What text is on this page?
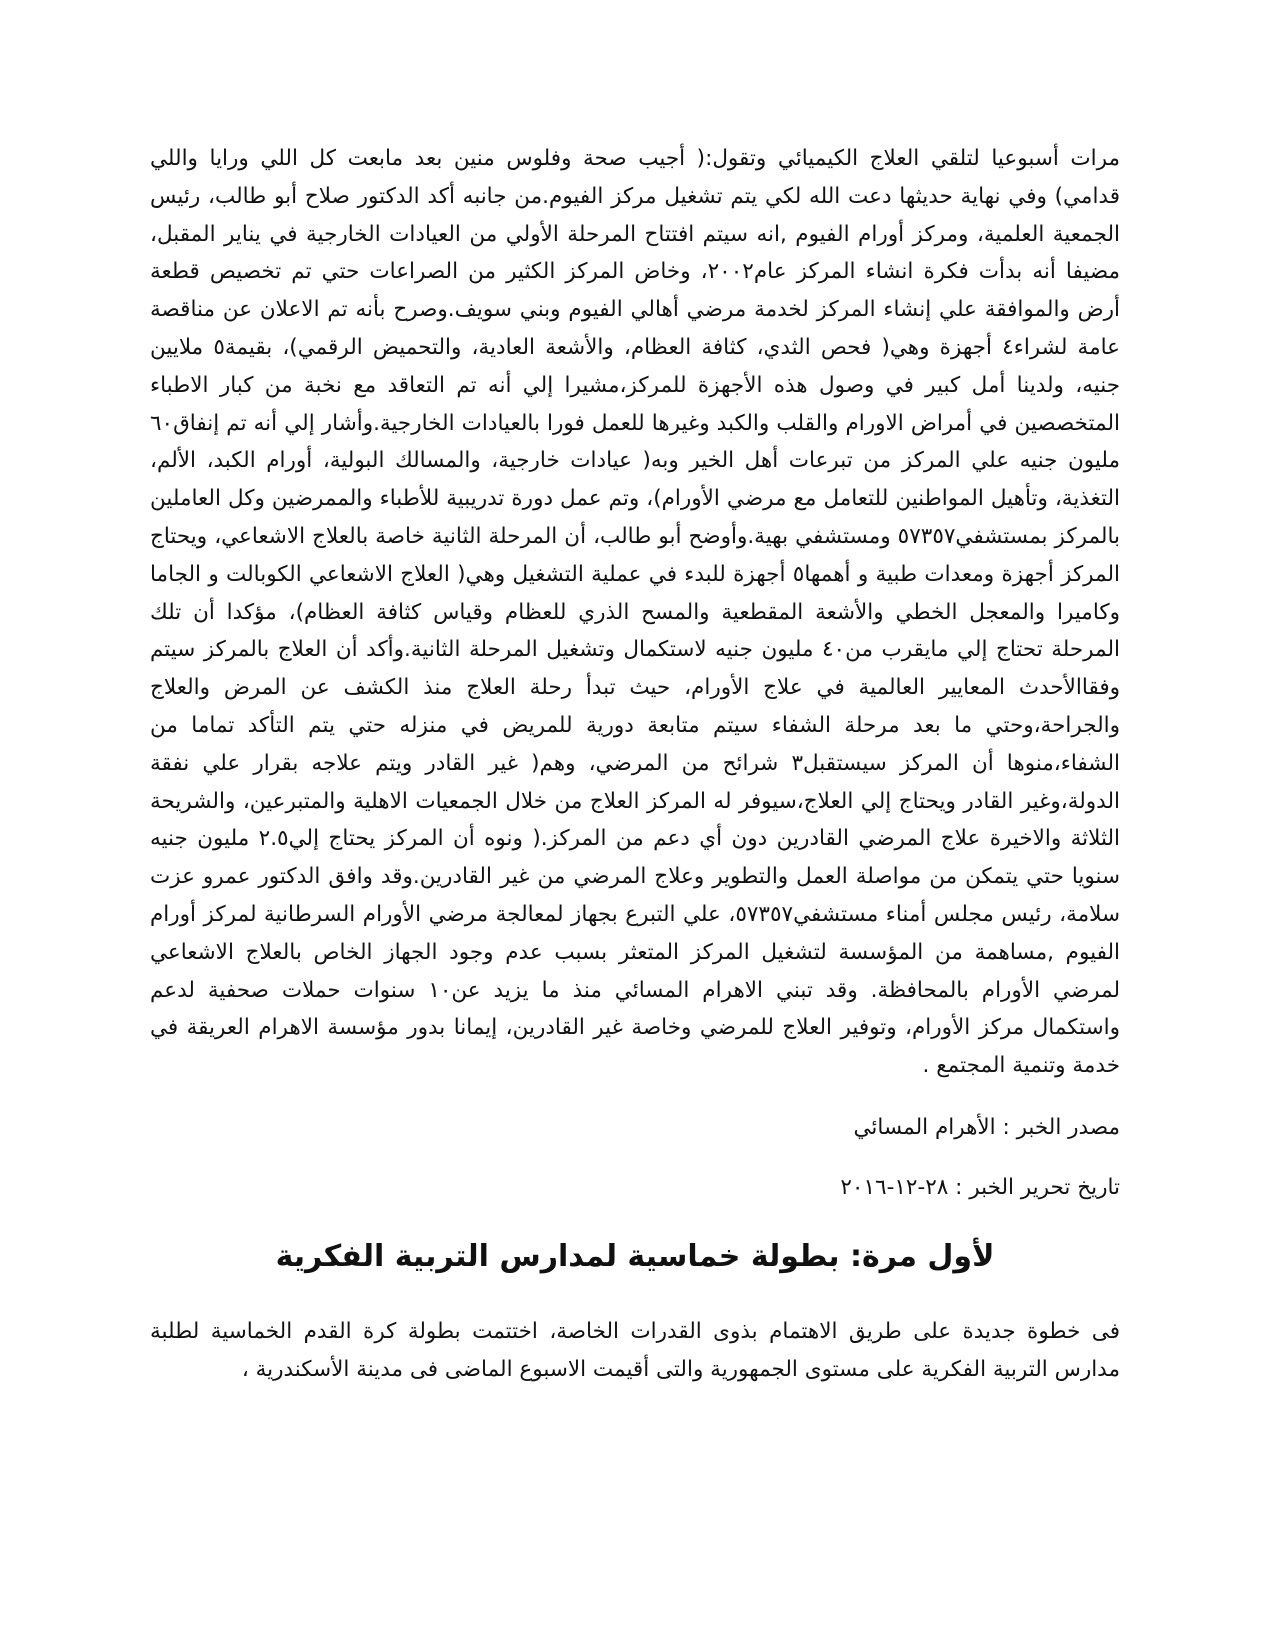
مرات أسبوعيا لتلقي العلاج الكيميائي وتقول:( أجيب صحة وفلوس منين بعد مابعت كل اللي ورايا واللي قدامي) وفي نهاية حديثها دعت الله لكي يتم تشغيل مركز الفيوم.من جانبه أكد الدكتور صلاح أبو طالب، رئيس الجمعية العلمية، ومركز أورام الفيوم ,انه سيتم افتتاح المرحلة الأولي من العيادات الخارجية في يناير المقبل، مضيفا أنه بدأت فكرة انشاء المركز عام٢٠٠٢، وخاض المركز الكثير من الصراعات حتي تم تخصيص قطعة أرض والموافقة علي إنشاء المركز لخدمة مرضي أهالي الفيوم وبني سويف.وصرح بأنه تم الاعلان عن مناقصة عامة لشراء٤ أجهزة وهي( فحص الثدي، كثافة العظام، والأشعة العادية، والتحميض الرقمي)، بقيمة٥ ملايين جنيه، ولدينا أمل كبير في وصول هذه الأجهزة للمركز،مشيرا إلي أنه تم التعاقد مع نخبة من كبار الاطباء المتخصصين في أمراض الاورام والقلب والكبد وغيرها للعمل فورا بالعيادات الخارجية.وأشار إلي أنه تم إنفاق٦٠ مليون جنيه علي المركز من تبرعات أهل الخير وبه( عيادات خارجية، والمسالك البولية، أورام الكبد، الألم، التغذية، وتأهيل المواطنين للتعامل مع مرضي الأورام)، وتم عمل دورة تدريبية للأطباء والممرضين وكل العاملين بالمركز بمستشفي٥٧٣٥٧ ومستشفي بهية.وأوضح أبو طالب، أن المرحلة الثانية خاصة بالعلاج الاشعاعي، ويحتاج المركز أجهزة ومعدات طبية و أهمها٥ أجهزة للبدء في عملية التشغيل وهي( العلاج الاشعاعي الكوبالت و الجاما وكاميرا والمعجل الخطي والأشعة المقطعية والمسح الذري للعظام وقياس كثافة العظام)، مؤكدا أن تلك المرحلة تحتاج إلي مايقرب من٤٠ مليون جنيه لاستكمال وتشغيل المرحلة الثانية.وأكد أن العلاج بالمركز سيتم وفقاالأحدث المعايير العالمية في علاج الأورام، حيث تبدأ رحلة العلاج منذ الكشف عن المرض والعلاج والجراحة،وحتي ما بعد مرحلة الشفاء سيتم متابعة دورية للمريض في منزله حتي يتم التأكد تماما من الشفاء،منوها أن المركز سيستقبل٣ شرائح من المرضي، وهم( غير القادر ويتم علاجه بقرار علي نفقة الدولة،وغير القادر ويحتاج إلي العلاج،سيوفر له المركز العلاج من خلال الجمعيات الاهلية والمتبرعين، والشريحة الثلاثة والاخيرة علاج المرضي القادرين دون أي دعم من المركز.( ونوه أن المركز يحتاج إلي٢.٥ مليون جنيه سنويا حتي يتمكن من مواصلة العمل والتطوير وعلاج المرضي من غير القادرين.وقد وافق الدكتور عمرو عزت سلامة، رئيس مجلس أمناء مستشفي٥٧٣٥٧، علي التبرع بجهاز لمعالجة مرضي الأورام السرطانية لمركز أورام الفيوم ,مساهمة من المؤسسة لتشغيل المركز المتعثر بسبب عدم وجود الجهاز الخاص بالعلاج الاشعاعي لمرضي الأورام بالمحافظة. وقد تبني الاهرام المسائي منذ ما يزيد عن١٠ سنوات حملات صحفية لدعم واستكمال مركز الأورام، وتوفير العلاج للمرضي وخاصة غير القادرين، إيمانا بدور مؤسسة الاهرام العريقة في خدمة وتنمية المجتمع .

مصدر الخبر : الأهرام المسائي

تاريخ تحرير الخبر : ٢٨-١٢-٢٠١٦

لأول مرة: بطولة خماسية لمدارس التربية الفكرية

فى خطوة جديدة على طريق الاهتمام بذوى القدرات الخاصة، اختتمت بطولة كرة القدم الخماسية لطلبة مدارس التربية الفكرية على مستوى الجمهورية والتى أقيمت الاسبوع الماضى فى مدينة الأسكندرية ،
